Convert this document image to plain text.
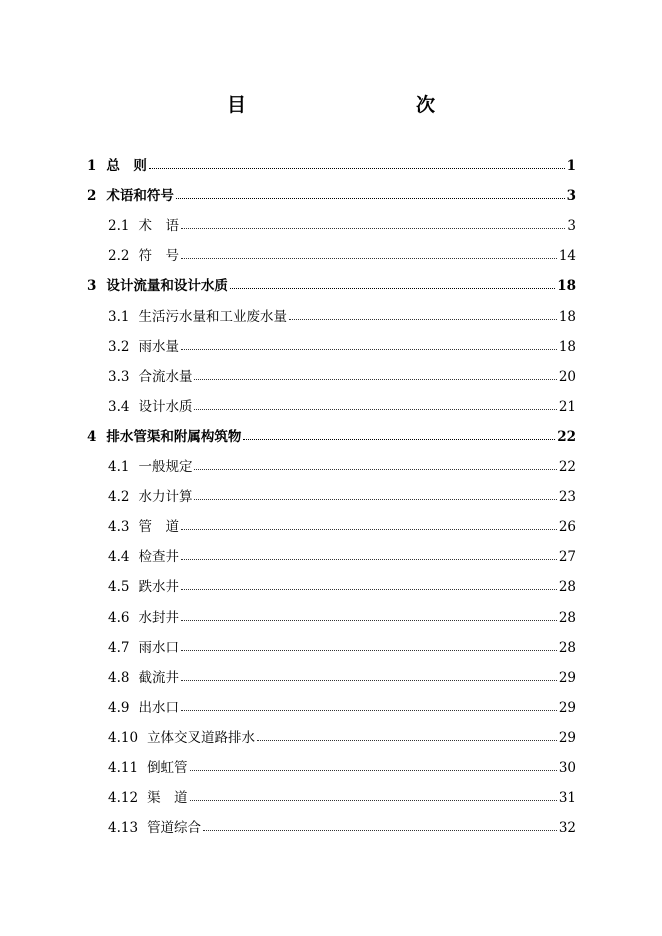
目　　次
1 总　则	1
2 术语和符号	3
2.1 术　语	3
2.2 符　号	14
3 设计流量和设计水质	18
3.1 生活污水量和工业废水量	18
3.2 雨水量	18
3.3 合流水量	20
3.4 设计水质	21
4 排水管渠和附属构筑物	22
4.1 一般规定	22
4.2 水力计算	23
4.3 管　道	26
4.4 检查井	27
4.5 跌水井	28
4.6 水封井	28
4.7 雨水口	28
4.8 截流井	29
4.9 出水口	29
4.10 立体交叉道路排水	29
4.11 倒虹管	30
4.12 渠　道	31
4.13 管道综合	32
